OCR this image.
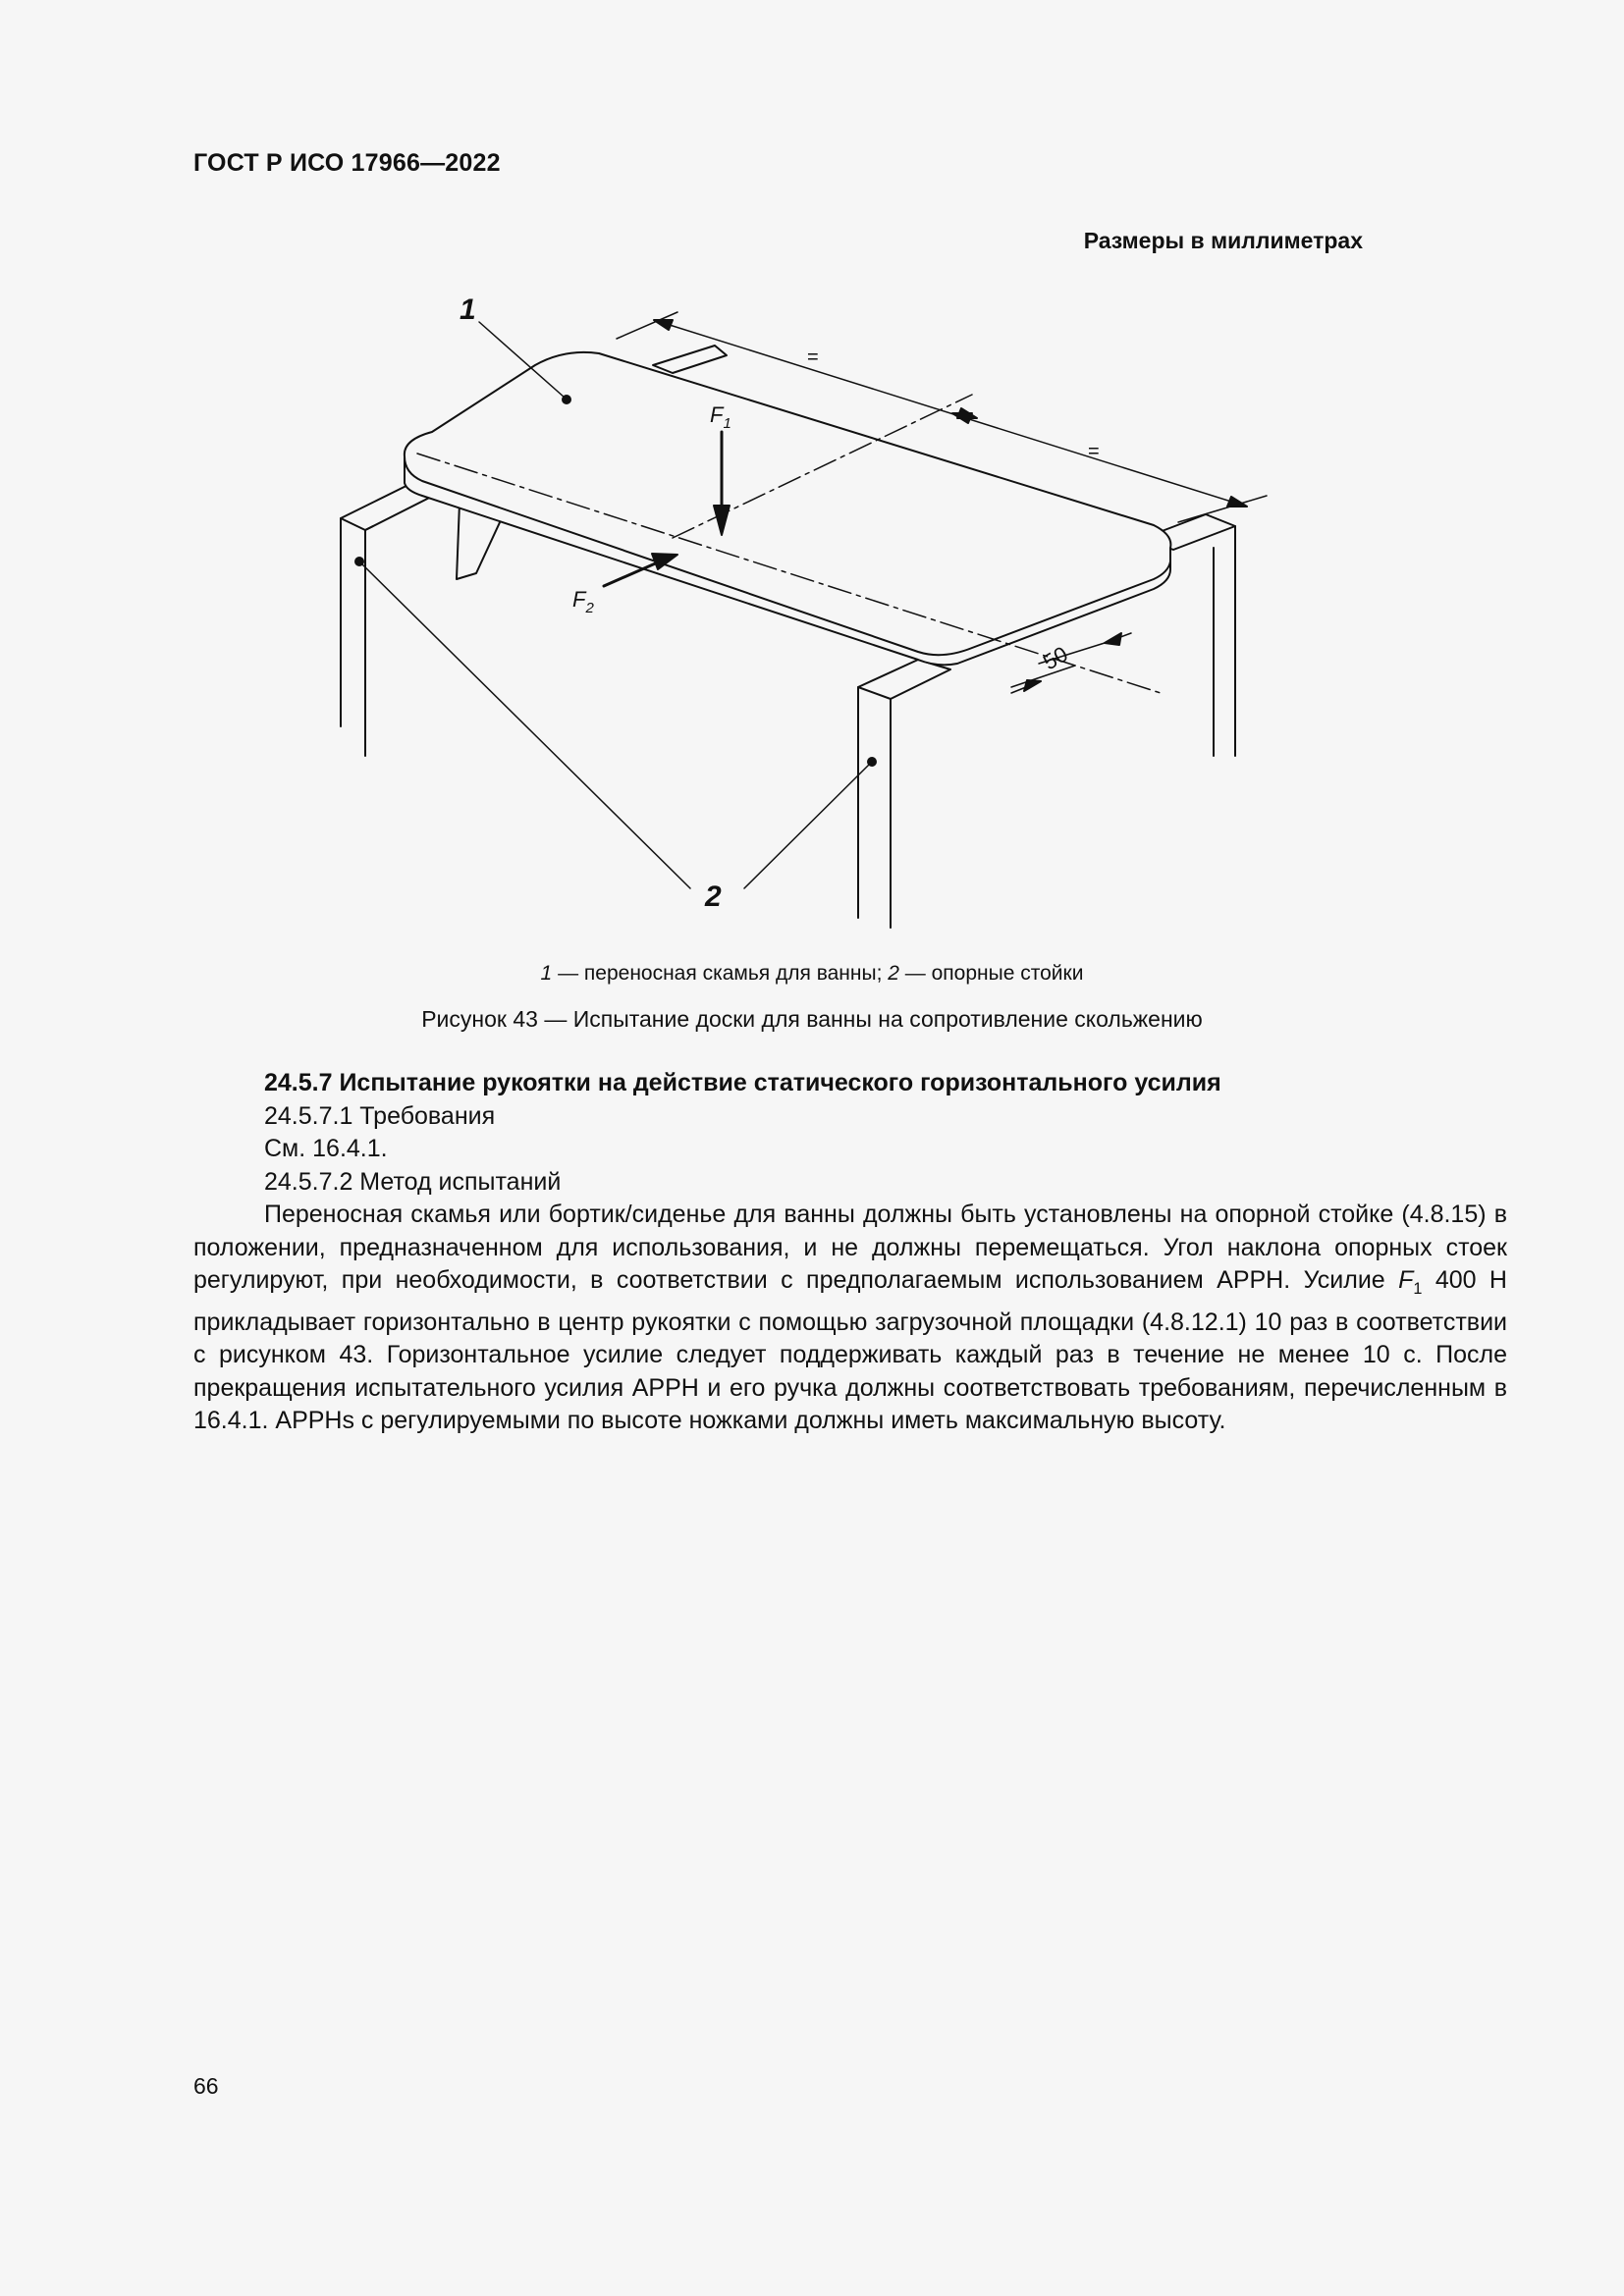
ГОСТ Р ИСО 17966—2022
Размеры в миллиметрах
=
=
50
$F_1$
$F_2$
1
2
1 — переносная скамья для ванны; 2 — опорные стойки
Рисунок 43 — Испытание доски для ванны на сопротивление скольжению

24.5.7 Испытание рукоятки на действие статического горизонтального усилия

24.5.7.1 Требования

См. 16.4.1.

24.5.7.2 Метод испытаний

Переносная скамья или бортик/сиденье для ванны должны быть установлены на опорной стойке (4.8.15) в положении, предназначенном для использования, и не должны перемещаться. Угол наклона опорных стоек регулируют, при необходимости, в соответствии с предполагаемым использованием АРРН. Усилие $F_1$ 400 Н прикладывает горизонтально в центр рукоятки с помощью загрузочной площадки (4.8.12.1) 10 раз в соответствии с рисунком 43. Горизонтальное усилие следует поддерживать каждый раз в течение не менее 10 с. После прекращения испытательного усилия АРРН и его ручка должны соответствовать требованиям, перечисленным в 16.4.1. АРРНs с регулируемыми по высоте ножками должны иметь максимальную высоту.

66
